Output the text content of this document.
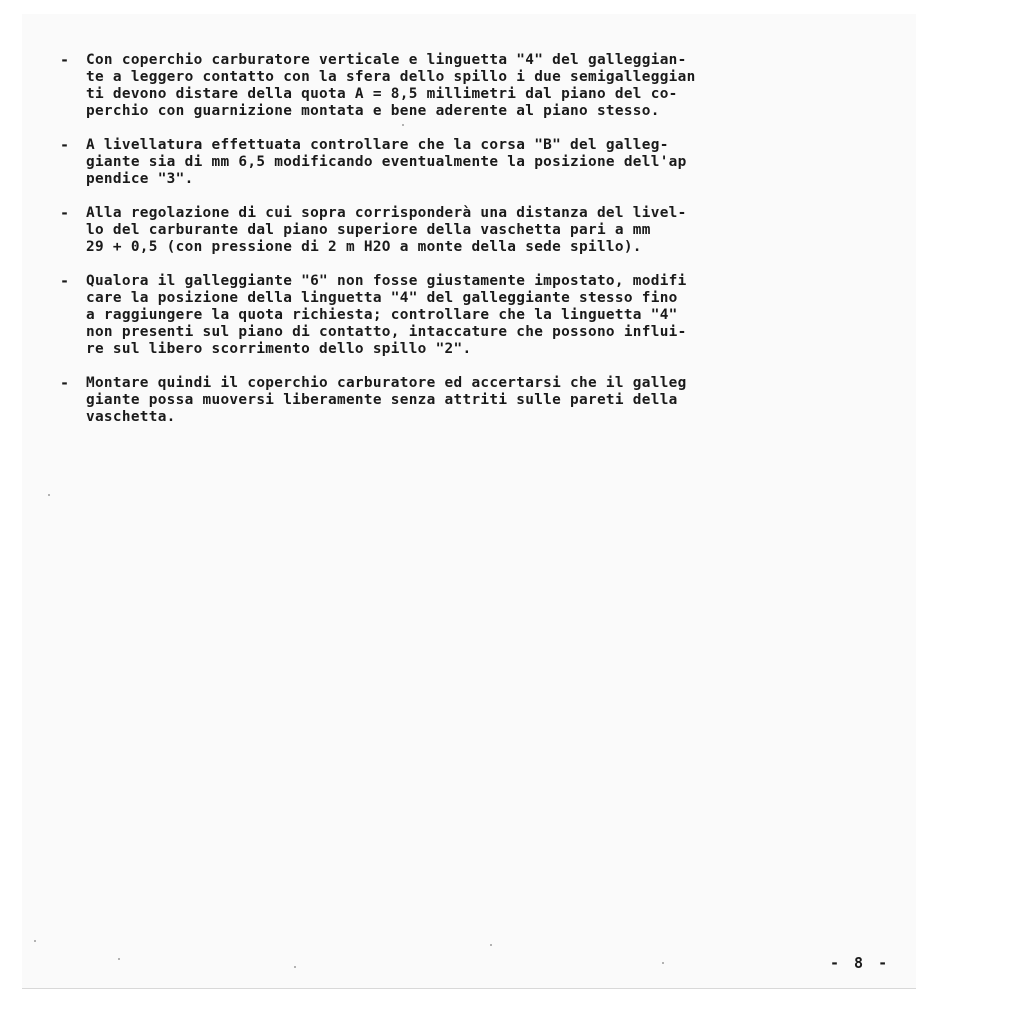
-	Con coperchio carburatore verticale e linguetta "4" del galleggian-
te a leggero contatto con la sfera dello spillo i due semigalleggian
ti devono distare della quota A = 8,5 millimetri dal piano del co-
perchio con guarnizione montata e bene aderente al piano stesso.
-	A livellatura effettuata controllare che la corsa "B" del galleg-
giante sia di mm 6,5 modificando eventualmente la posizione dell'ap
pendice "3".
-	Alla regolazione di cui sopra corrisponderà una distanza del livel-
lo del carburante dal piano superiore della vaschetta pari a mm
29 + 0,5 (con pressione di 2 m H2O a monte della sede spillo).
-	Qualora il galleggiante "6" non fosse giustamente impostato, modifi
care la posizione della linguetta "4" del galleggiante stesso fino
a raggiungere la quota richiesta; controllare che la linguetta "4"
non presenti sul piano di contatto, intaccature che possono influi-
re sul libero scorrimento dello spillo "2".
-	Montare quindi il coperchio carburatore ed accertarsi che il galleg
giante possa muoversi liberamente senza attriti sulle pareti della
vaschetta.
- 8 -
